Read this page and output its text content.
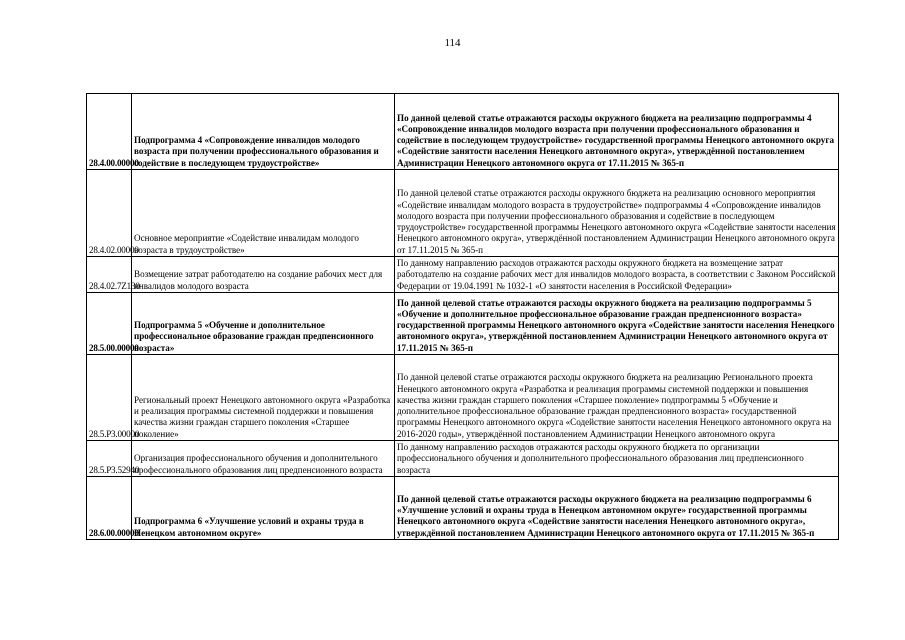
114
28.4.00.00000	Подпрограмма 4 «Сопровождение инвалидов молодого возраста при получении профессионального образования и содействие в последующем трудоустройстве»	По данной целевой статье отражаются расходы окружного бюджета на реализацию подпрограммы 4 «Сопровождение инвалидов молодого возраста при получении профессионального образования и содействие в последующем трудоустройстве» государственной программы Ненецкого автономного округа «Содействие занятости населения Ненецкого автономного округа», утверждённой постановлением Администрации Ненецкого автономного округа от 17.11.2015 № 365-п
28.4.02.00000	Основное мероприятие «Содействие инвалидам молодого возраста в трудоустройстве»	По данной целевой статье отражаются расходы окружного бюджета на реализацию основного мероприятия «Содействие инвалидам молодого возраста в трудоустройстве» подпрограммы 4 «Сопровождение инвалидов молодого возраста при получении профессионального образования и содействие в последующем трудоустройстве» государственной программы Ненецкого автономного округа «Содействие занятости населения Ненецкого автономного округа», утверждённой постановлением Администрации Ненецкого автономного округа от 17.11.2015 № 365-п
28.4.02.7Z130	Возмещение затрат работодателю на создание рабочих мест для инвалидов молодого возраста	По данному направлению расходов отражаются расходы окружного бюджета на возмещение затрат работодателю на создание рабочих мест для инвалидов молодого возраста, в соответствии с Законом Российской Федерации от 19.04.1991 № 1032-1 «О занятости населения в Российской Федерации»
28.5.00.00000	Подпрограмма 5 «Обучение и дополнительное профессиональное образование граждан предпенсионного возраста»	По данной целевой статье отражаются расходы окружного бюджета на реализацию подпрограммы 5 «Обучение и дополнительное профессиональное образование граждан предпенсионного возраста» государственной программы Ненецкого автономного округа «Содействие занятости населения Ненецкого автономного округа», утверждённой постановлением Администрации Ненецкого автономного округа от 17.11.2015 № 365-п
28.5.P3.00000	Региональный проект Ненецкого автономного округа «Разработка и реализация программы системной поддержки и повышения качества жизни граждан старшего поколения «Старшее поколение»	По данной целевой статье отражаются расходы окружного бюджета на реализацию Регионального проекта Ненецкого автономного округа «Разработка и реализация программы системной поддержки и повышения качества жизни граждан старшего поколения «Старшее поколение» подпрограммы 5 «Обучение и дополнительное профессиональное образование граждан предпенсионного возраста» государственной программы Ненецкого автономного округа «Содействие занятости населения Ненецкого автономного округа на 2016-2020 годы», утверждённой постановлением Администрации Ненецкого автономного округа
28.5.P3.52940	Организация профессионального обучения и дополнительного профессионального образования лиц предпенсионного возраста	По данному направлению расходов отражаются расходы окружного бюджета по организации профессионального обучения и дополнительного профессионального образования лиц предпенсионного возраста
28.6.00.00000	Подпрограмма 6 «Улучшение условий и охраны труда в Ненецком автономном округе»	По данной целевой статье отражаются расходы окружного бюджета на реализацию подпрограммы 6 «Улучшение условий и охраны труда в Ненецком автономном округе» государственной программы Ненецкого автономного округа «Содействие занятости населения Ненецкого автономного округа», утверждённой постановлением Администрации Ненецкого автономного округа от 17.11.2015 № 365-п
